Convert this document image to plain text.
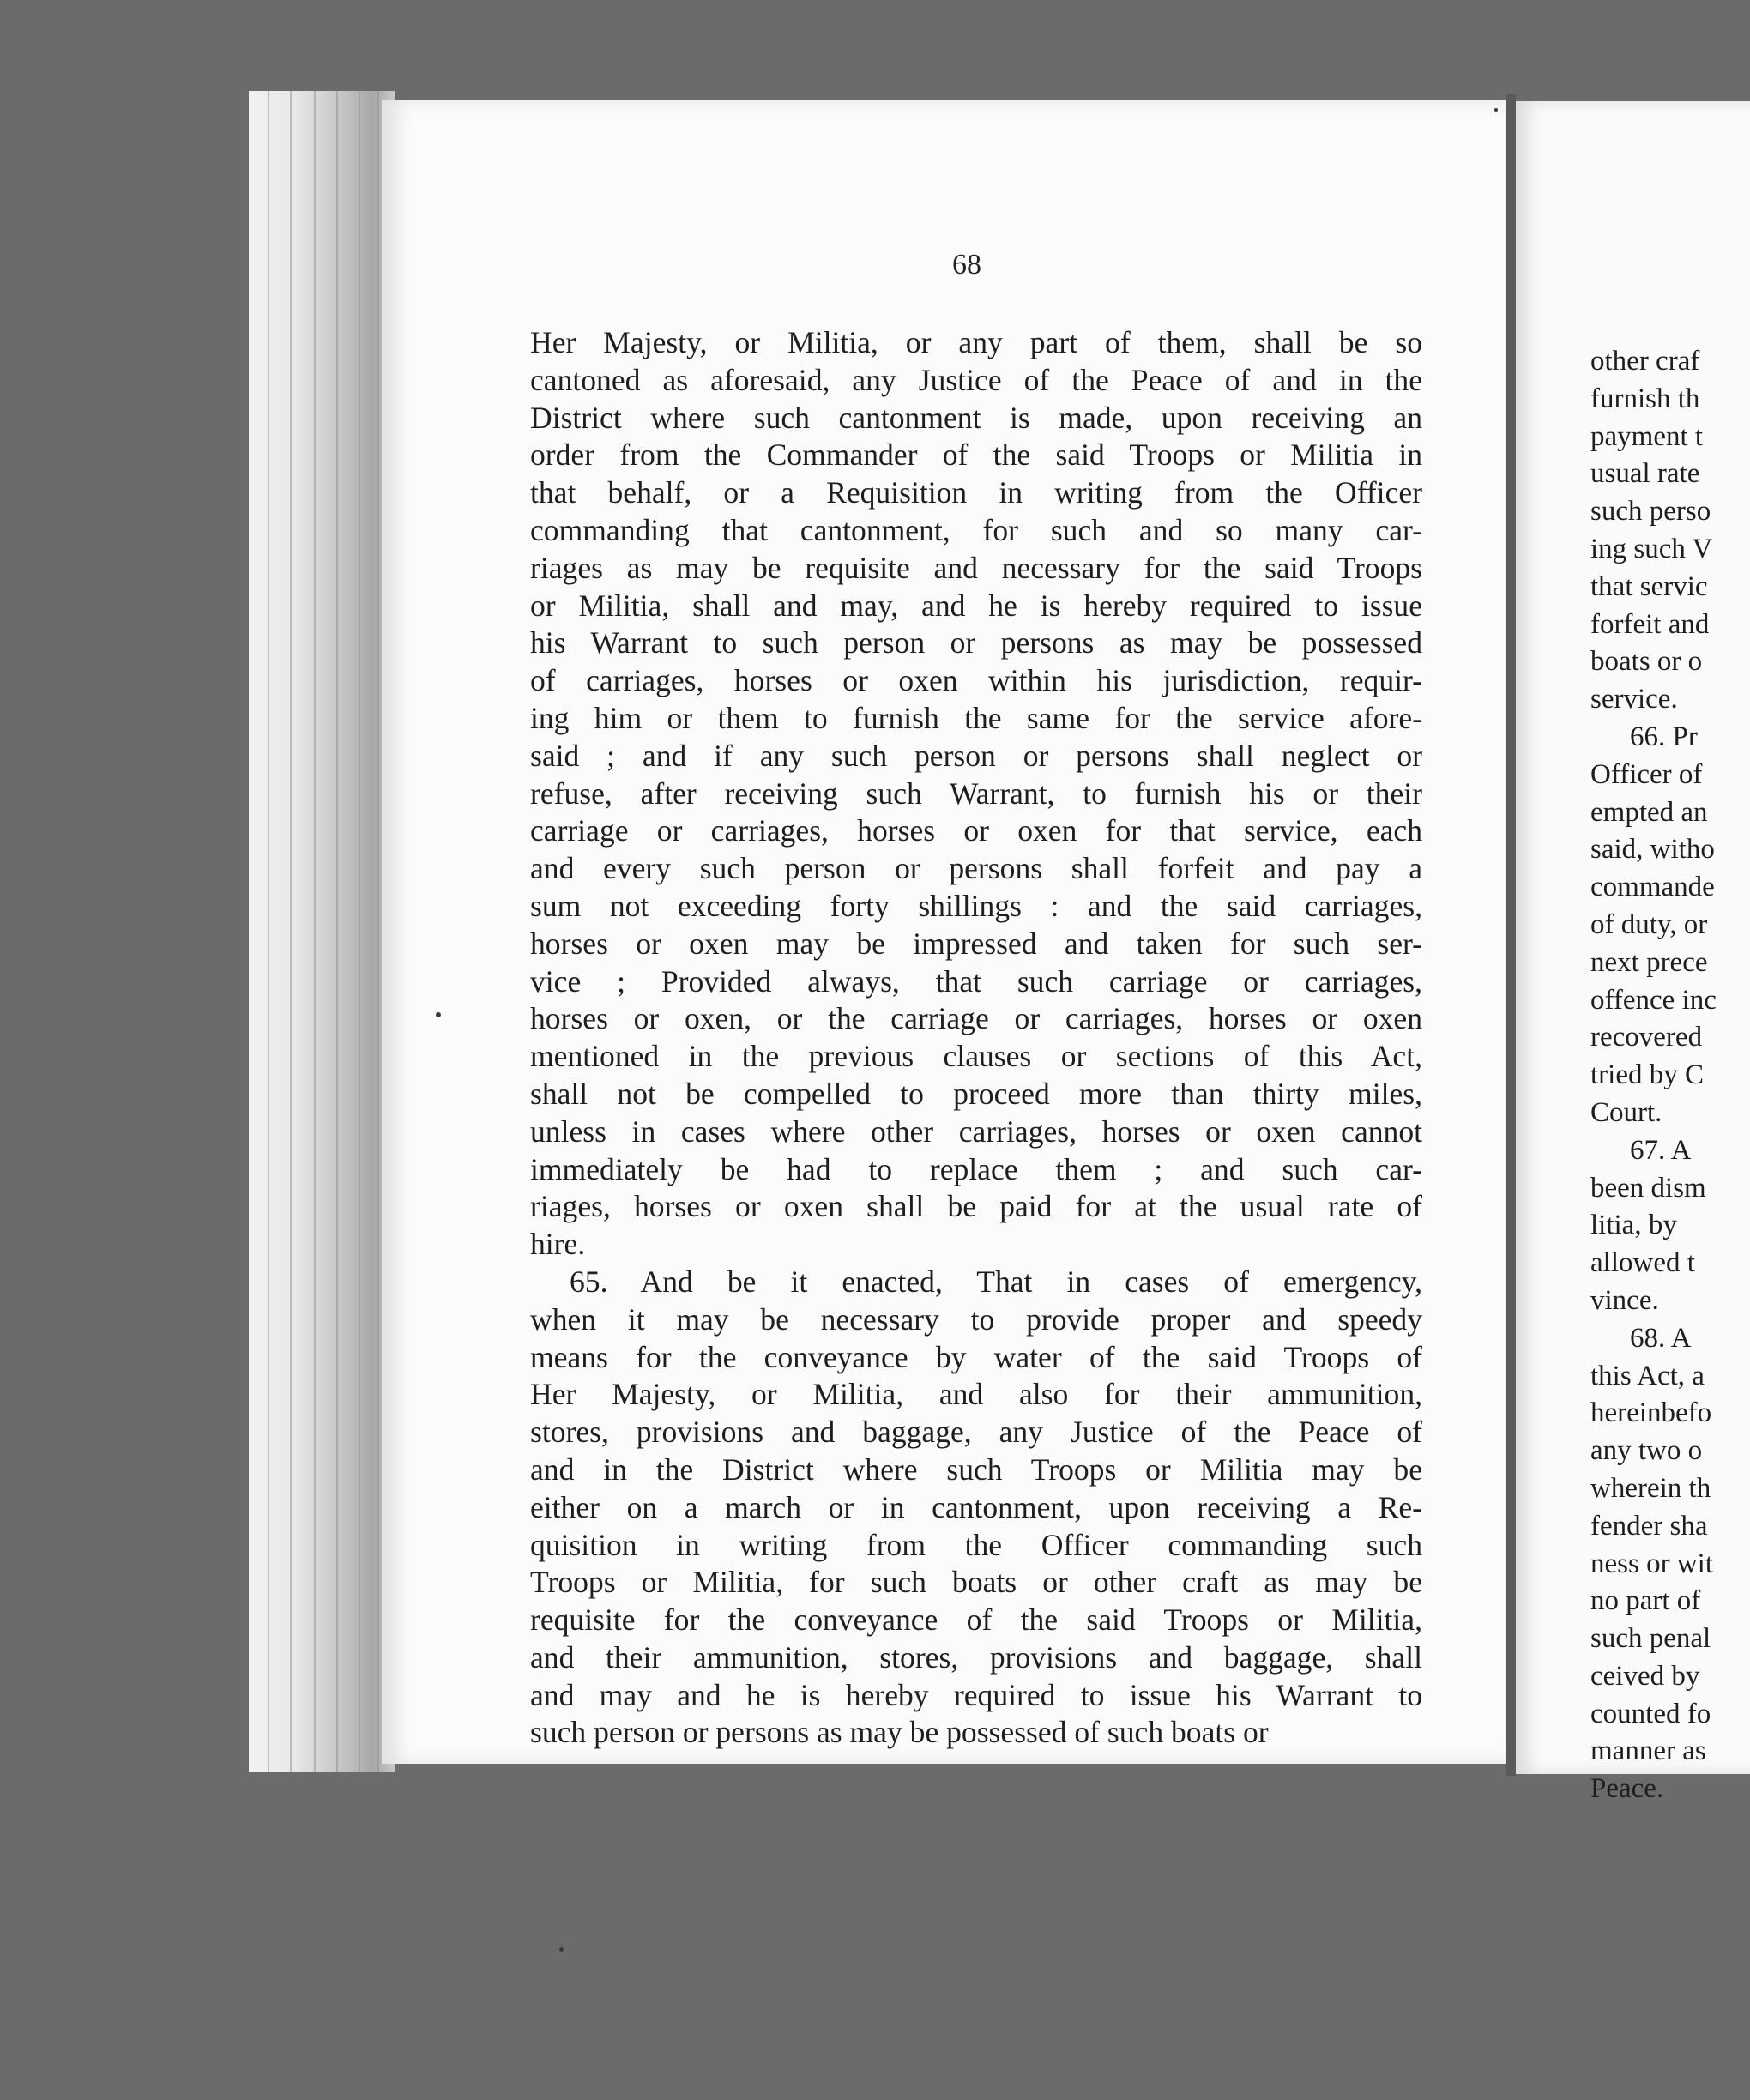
68
Her Majesty, or Militia, or any part of them, shall be so
cantoned as aforesaid, any Justice of the Peace of and in the
District where such cantonment is made, upon receiving an
order from the Commander of the said Troops or Militia in
that behalf, or a Requisition in writing from the Officer
commanding that cantonment, for such and so many car-
riages as may be requisite and necessary for the said Troops
or Militia, shall and may, and he is hereby required to issue
his Warrant to such person or persons as may be possessed
of carriages, horses or oxen within his jurisdiction, requir-
ing him or them to furnish the same for the service afore-
said ; and if any such person or persons shall neglect or
refuse, after receiving such Warrant, to furnish his or their
carriage or carriages, horses or oxen for that service, each
and every such person or persons shall forfeit and pay a
sum not exceeding forty shillings : and the said carriages,
horses or oxen may be impressed and taken for such ser-
vice ; Provided always, that such carriage or carriages,
horses or oxen, or the carriage or carriages, horses or oxen
mentioned in the previous clauses or sections of this Act,
shall not be compelled to proceed more than thirty miles,
unless in cases where other carriages, horses or oxen cannot
immediately be had to replace them ; and such car-
riages, horses or oxen shall be paid for at the usual rate of
hire.
65. And be it enacted, That in cases of emergency,
when it may be necessary to provide proper and speedy
means for the conveyance by water of the said Troops of
Her Majesty, or Militia, and also for their ammunition,
stores, provisions and baggage, any Justice of the Peace of
and in the District where such Troops or Militia may be
either on a march or in cantonment, upon receiving a Re-
quisition in writing from the Officer commanding such
Troops or Militia, for such boats or other craft as may be
requisite for the conveyance of the said Troops or Militia,
and their ammunition, stores, provisions and baggage, shall
and may and he is hereby required to issue his Warrant to
such person or persons as may be possessed of such boats or
other craf
furnish th
payment t
usual rate
such perso
ing such V
that servic
forfeit and
boats or o
service.
66. Pr
Officer of
empted an
said, witho
commande
of duty, or
next prece
offence inc
recovered
tried by C
Court.
67. A
been dism
litia, by
allowed t
vince.
68. A
this Act, a
hereinbefo
any two o
wherein th
fender sha
ness or wit
no part of
such penal
ceived by
counted fo
manner as
Peace.
